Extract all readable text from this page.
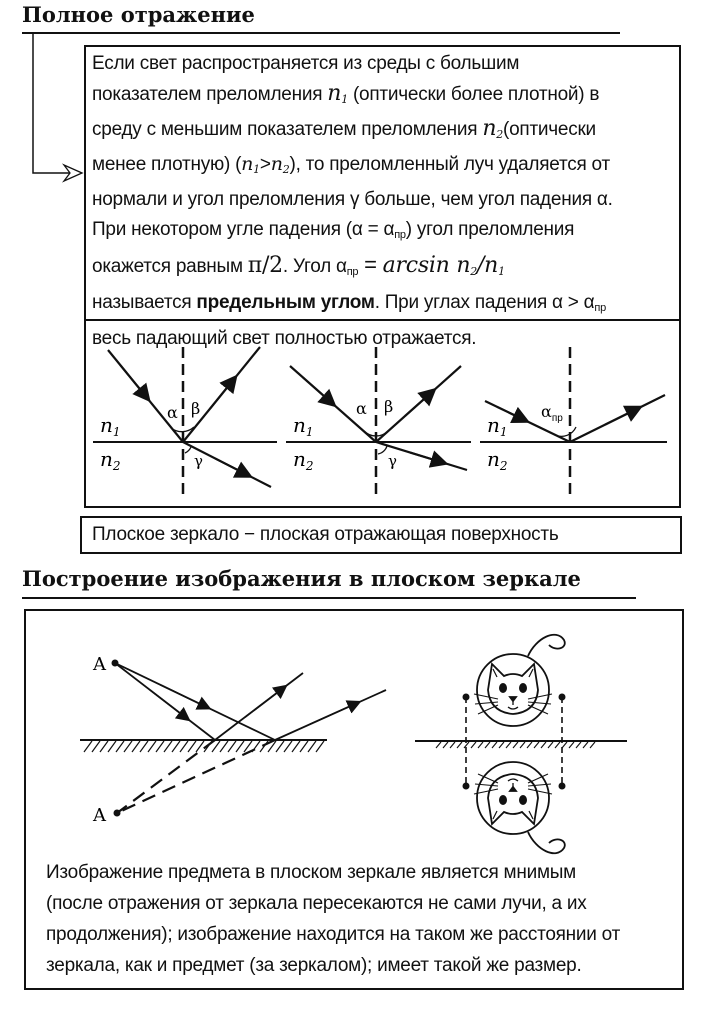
Полное отражение
Если свет распространяется из среды с большим
показателем преломления $n_1$ (оптически более плотной) в
среду с меньшим показателем преломления $n_2(оптически$
менее плотную) $(n_1>n_2)$, то преломленный луч удаляется от
нормали и угол преломления γ больше, чем угол падения α.
При некотором угле падения $(\alpha = \alpha_{пр})$ угол преломления
окажется равным π/2. Угол $\alpha_{пр} = \arcsin n_2/n_1$
называется предельным углом. При углах падения $\alpha > \alpha_{пр}$
весь падающий свет полностью отражается.
α β
γ
$n_1$
$n_2$
α β
γ
$n_1$
$n_2$
$\alpha_{пр}$
$n_1$
$n_2$
Плоское зеркало − плоская отражающая поверхность
Построение изображения в плоском зеркале
A
A
Изображение предмета в плоском зеркале является мнимым
(после отражения от зеркала пересекаются не сами лучи, а их
продолжения); изображение находится на таком же расстоянии от
зеркала, как и предмет (за зеркалом); имеет такой же размер.
